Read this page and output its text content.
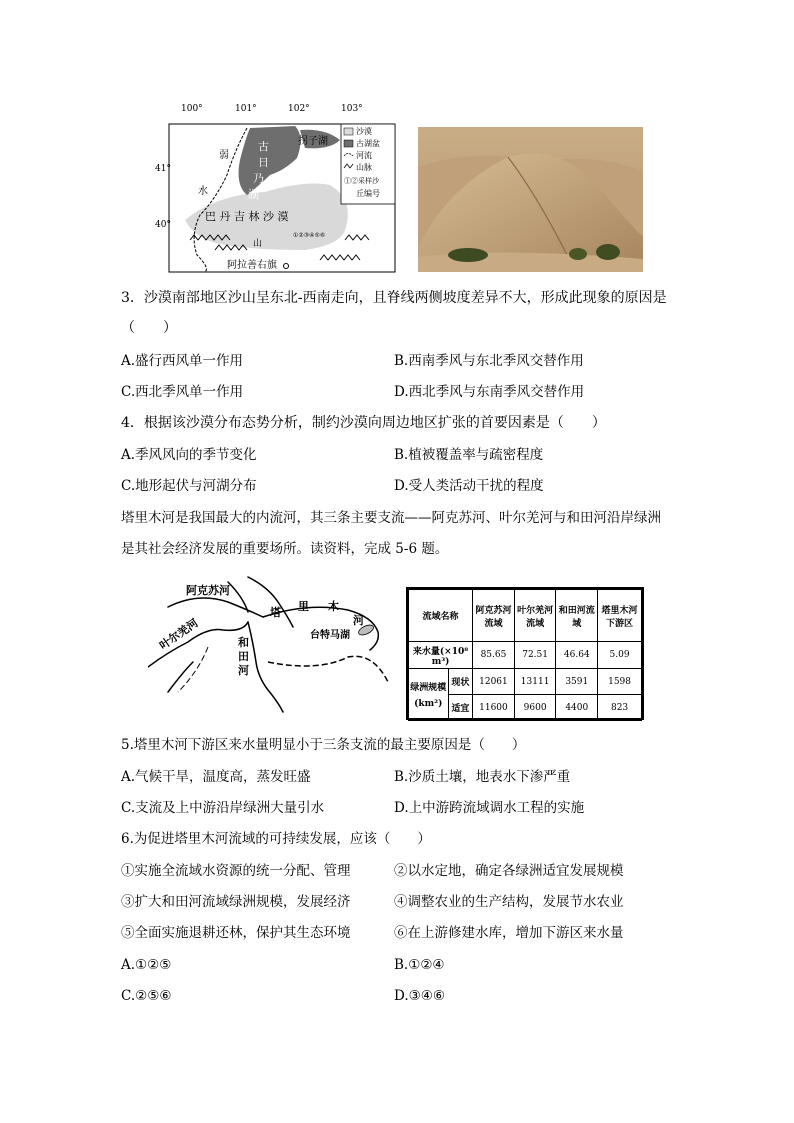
100°	101°	102°	103°
41°
40°
古
日
乃
湖
拐子湖
弱
水
巴 丹 吉 林 沙 漠
山
阿拉善右旗
①②③④⑤⑥
沙漠
古湖盆
河流
山脉
①②采样沙
丘编号
3．沙漠南部地区沙山呈东北-西南走向，且脊线两侧坡度差异不大，形成此现象的原因是
（　　）
A.盛行西风单一作用	B.西南季风与东北季风交替作用
C.西北季风单一作用	D.西北季风与东南季风交替作用
4．根据该沙漠分布态势分析，制约沙漠向周边地区扩张的首要因素是（　　）
A.季风风向的季节变化	B.植被覆盖率与疏密程度
C.地形起伏与河湖分布	D.受人类活动干扰的程度
塔里木河是我国最大的内流河，其三条主要支流——阿克苏河、叶尔羌河与和田河沿岸绿洲
是其社会经济发展的重要场所。读资料，完成 5-6 题。
阿克苏河
塔 里 木
河
台特马湖
叶尔羌河	和
田
河
流域名称		阿克苏河流域	叶尔羌河流域	和田河流域	塔里木河下游区
来水量(×10⁸ m³)		85.65	72.51	46.64	5.09

绿洲规模
(km²)	现状	12061	13111	3591	1598
	适宜	11600	9600	4400	823
5.塔里木河下游区来水量明显小于三条支流的最主要原因是（　　）
A.气候干旱，温度高，蒸发旺盛	B.沙质土壤，地表水下渗严重
C.支流及上中游沿岸绿洲大量引水	D.上中游跨流域调水工程的实施
6.为促进塔里木河流域的可持续发展，应该（　　）
①实施全流域水资源的统一分配、管理	②以水定地，确定各绿洲适宜发展规模
③扩大和田河流域绿洲规模，发展经济	④调整农业的生产结构，发展节水农业
⑤全面实施退耕还林，保护其生态环境	⑥在上游修建水库，增加下游区来水量
A.①②⑤	B.①②④
C.②⑤⑥	D.③④⑥
